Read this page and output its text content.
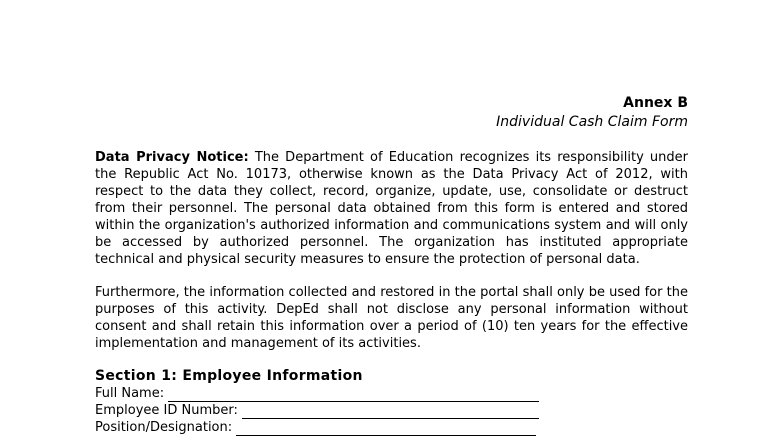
Annex B
Individual Cash Claim Form

Data Privacy Notice: The Department of Education recognizes its responsibility under the Republic Act No. 10173, otherwise known as the Data Privacy Act of 2012, with respect to the data they collect, record, organize, update, use, consolidate or destruct from their personnel. The personal data obtained from this form is entered and stored within the organization's authorized information and communications system and will only be accessed by authorized personnel. The organization has instituted appropriate technical and physical security measures to ensure the protection of personal data.

Furthermore, the information collected and restored in the portal shall only be used for the purposes of this activity. DepEd shall not disclose any personal information without consent and shall retain this information over a period of (10) ten years for the effective implementation and management of its activities.

Section 1: Employee Information
Full Name:
Employee ID Number:
Position/Designation:
